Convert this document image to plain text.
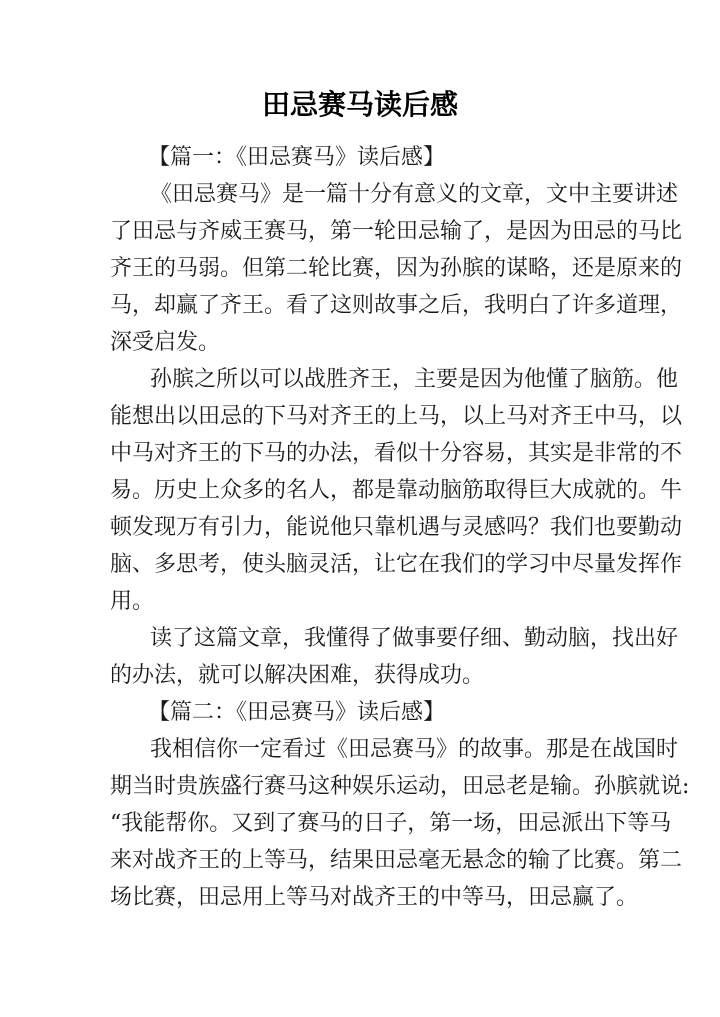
田忌赛马读后感
【篇一：《田忌赛马》读后感】
《田忌赛马》是一篇十分有意义的文章，文中主要讲述
了田忌与齐威王赛马，第一轮田忌输了，是因为田忌的马比
齐王的马弱。但第二轮比赛，因为孙膑的谋略，还是原来的
马，却赢了齐王。看了这则故事之后，我明白了许多道理，
深受启发。
孙膑之所以可以战胜齐王，主要是因为他懂了脑筋。他
能想出以田忌的下马对齐王的上马，以上马对齐王中马，以
中马对齐王的下马的办法，看似十分容易，其实是非常的不
易。历史上众多的名人，都是靠动脑筋取得巨大成就的。牛
顿发现万有引力，能说他只靠机遇与灵感吗？我们也要勤动
脑、多思考，使头脑灵活，让它在我们的学习中尽量发挥作
用。
读了这篇文章，我懂得了做事要仔细、勤动脑，找出好
的办法，就可以解决困难，获得成功。
【篇二：《田忌赛马》读后感】
我相信你一定看过《田忌赛马》的故事。那是在战国时
期当时贵族盛行赛马这种娱乐运动，田忌老是输。孙膑就说:
“我能帮你。又到了赛马的日子，第一场，田忌派出下等马
来对战齐王的上等马，结果田忌毫无悬念的输了比赛。第二
场比赛，田忌用上等马对战齐王的中等马，田忌赢了。
